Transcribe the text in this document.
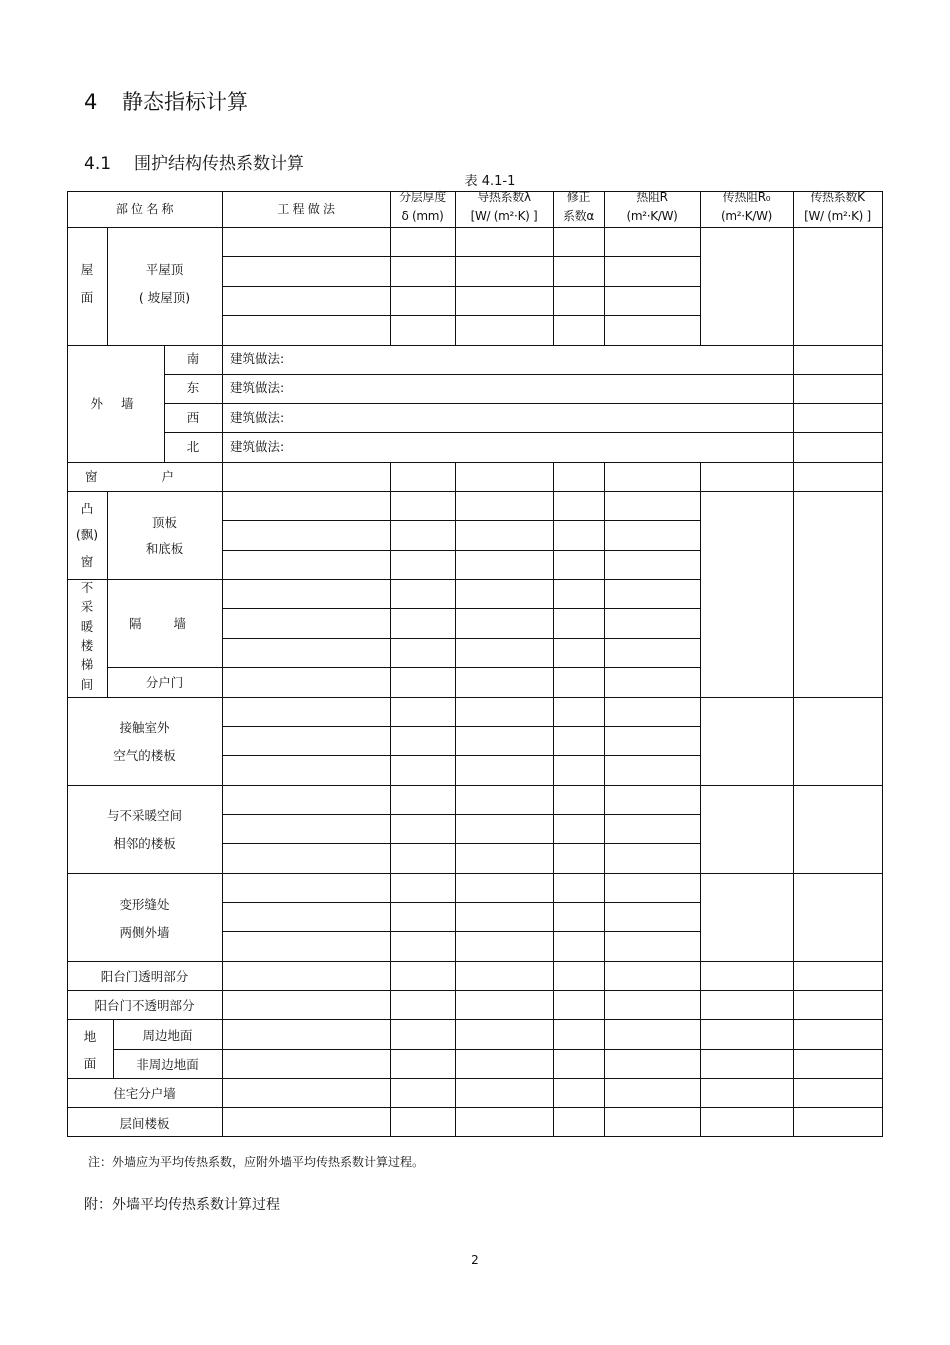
4 静态指标计算
4.1 围护结构传热系数计算
表 4.1-1
部 位 名 称	工 程 做 法
分层厚度
δ (mm)
导热系数λ
[W/ (m²·K) ]
修正
系数α
热阻R
(m²·K/W)
传热阻R₀
(m²·K/W)
传热系数K
[W/ (m²·K) ]
屋
面
平屋顶
( 坡屋顶)
外 墙
南
东
西
北
建筑做法:
建筑做法:
建筑做法:
建筑做法:
窗 户
凸
(飘)
窗
顶板
和底板
不
采
暖
楼
梯
间
隔 墙
分户门
接触室外
空气的楼板
与不采暖空间
相邻的楼板
变形缝处
两侧外墙
阳台门透明部分
阳台门不透明部分
地
面
周边地面
非周边地面
住宅分户墙
层间楼板
注：外墙应为平均传热系数，应附外墙平均传热系数计算过程。
附：外墙平均传热系数计算过程
2
